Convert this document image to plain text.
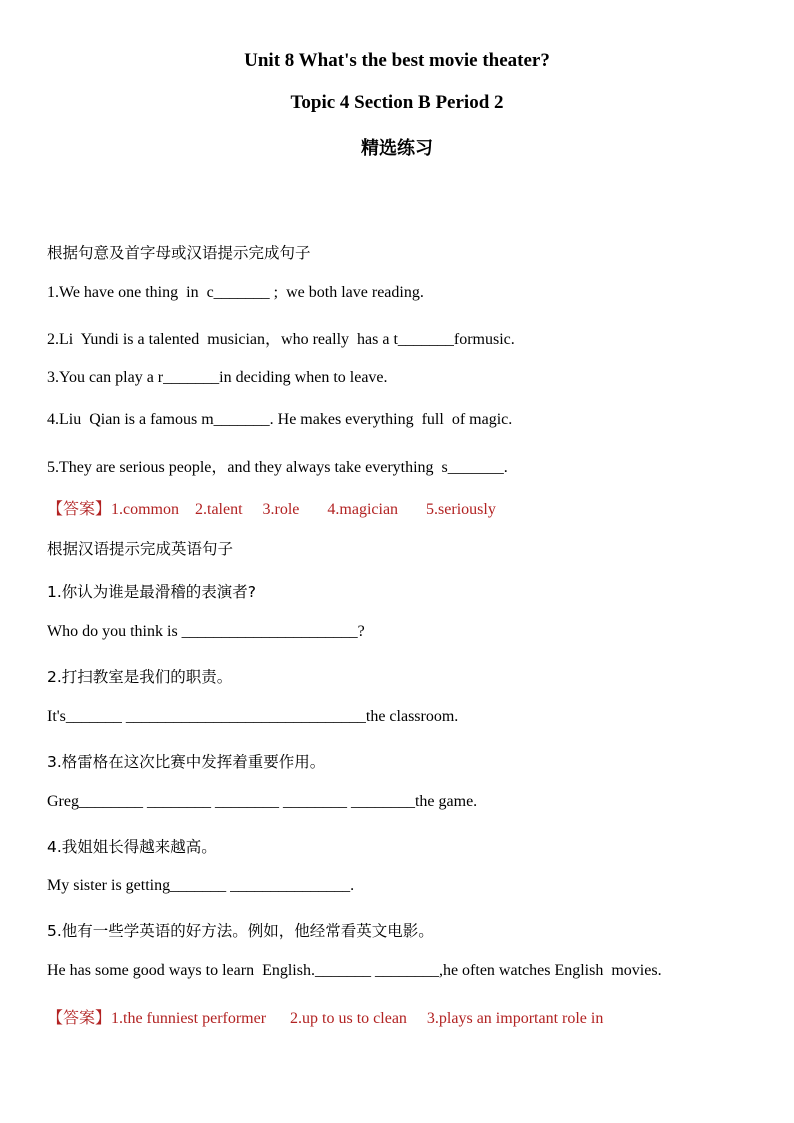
Unit 8 What's the best movie theater?
Topic 4 Section B Period 2
精选练习
根据句意及首字母或汉语提示完成句子
1.We have one thing  in  c_______ ;  we both lave reading.
2.Li  Yundi is a talented  musician，who really  has a t_______formusic.
3.You can play a r_______in deciding when to leave.
4.Liu  Qian is a famous m_______. He makes everything  full  of magic.
5.They are serious people，and they always take everything  s_______.
【答案】1.common    2.talent     3.role       4.magician       5.seriously
根据汉语提示完成英语句子
1.你认为谁是最滑稽的表演者?
Who do you think is ______________________?
2.打扫教室是我们的职责。
It's_______ ______________________________the classroom.
3.格雷格在这次比赛中发挥着重要作用。
Greg________ ________ ________ ________ ________the game.
4.我姐姐长得越来越高。
My sister is getting_______ _______________.
5.他有一些学英语的好方法。例如，他经常看英文电影。
He has some good ways to learn  English._______ ________,he often watches English  movies.
【答案】1.the funniest performer      2.up to us to clean     3.plays an important role in
